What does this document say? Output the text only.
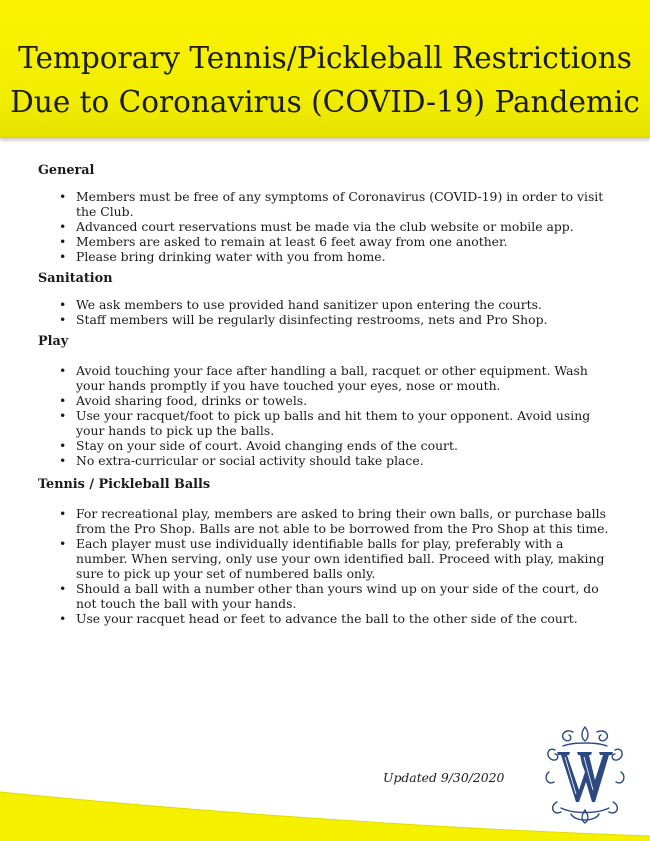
Temporary Tennis/Pickleball Restrictions
Due to Coronavirus (COVID-19) Pandemic
General
• Members must be free of any symptoms of Coronavirus (COVID-19) in order to visit the Club.
• Advanced court reservations must be made via the club website or mobile app.
• Members are asked to remain at least 6 feet away from one another.
• Please bring drinking water with you from home.
Sanitation
• We ask members to use provided hand sanitizer upon entering the courts.
• Staff members will be regularly disinfecting restrooms, nets and Pro Shop.
Play
• Avoid touching your face after handling a ball, racquet or other equipment. Wash your hands promptly if you have touched your eyes, nose or mouth.
• Avoid sharing food, drinks or towels.
• Use your racquet/foot to pick up balls and hit them to your opponent. Avoid using your hands to pick up the balls.
• Stay on your side of court. Avoid changing ends of the court.
• No extra-curricular or social activity should take place.
Tennis / Pickleball Balls
• For recreational play, members are asked to bring their own balls, or purchase balls from the Pro Shop. Balls are not able to be borrowed from the Pro Shop at this time.
• Each player must use individually identifiable balls for play, preferably with a number. When serving, only use your own identified ball. Proceed with play, making sure to pick up your set of numbered balls only.
• Should a ball with a number other than yours wind up on your side of the court, do not touch the ball with your hands.
• Use your racquet head or feet to advance the ball to the other side of the court.
Updated 9/30/2020
